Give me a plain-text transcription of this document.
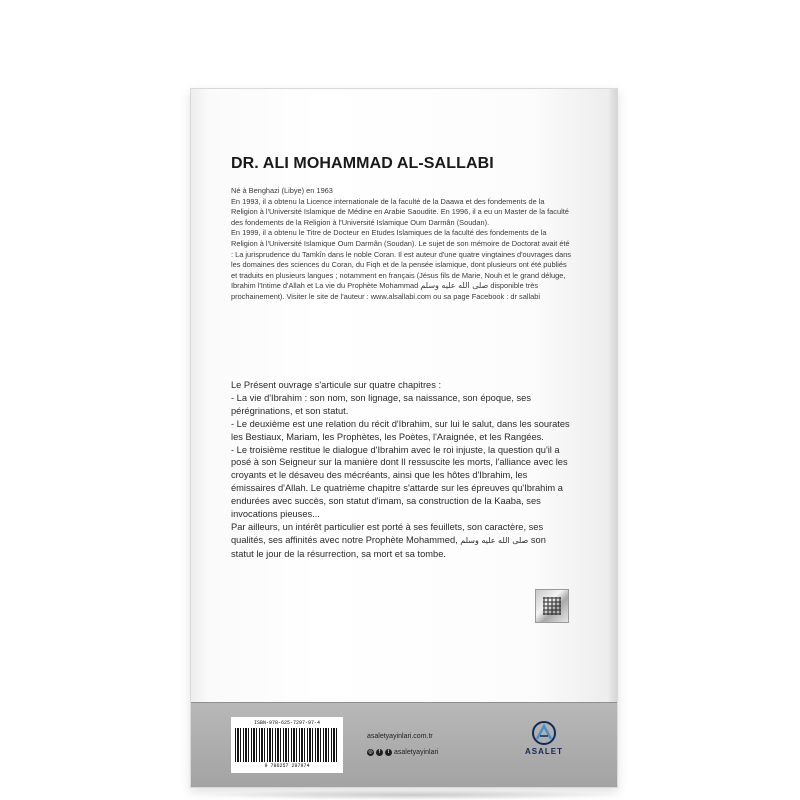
DR. ALI MOHAMMAD AL-SALLABI

Né à Benghazi (Libye) en 1963

En 1993, il a obtenu la Licence internationale de la faculté de la Daawa et des fondements de la Religion à l'Université Islamique de Médine en Arabie Saoudite. En 1996, il a eu un Master de la faculté des fondements de la Religion à l'Université Islamique Oum Darmân (Soudan).

En 1999, il a obtenu le Titre de Docteur en Etudes Islamiques de la faculté des fondements de la Religion à l'Université Islamique Oum Darmân (Soudan). Le sujet de son mémoire de Doctorat avait été : La jurisprudence du Tamkîn dans le noble Coran. Il est auteur d'une quatre vingtaines d'ouvrages dans les domaines des sciences du Coran, du Fiqh et de la pensée islamique, dont plusieurs ont été publiés et traduits en plusieurs langues ; notamment en français (Jésus fils de Marie, Nouh et le grand déluge, Ibrahim l'Intime d'Allah et La vie du Prophète Mohammad صلى الله عليه وسلم disponible très prochainement). Visiter le site de l'auteur : www.alsallabi.com ou sa page Facebook : dr sallabi

Le Présent ouvrage s'articule sur quatre chapitres :

- La vie d'Ibrahim : son nom, son lignage, sa naissance, son époque, ses pérégrinations, et son statut.

- Le deuxième est une relation du récit d'Ibrahim, sur lui le salut, dans les sourates les Bestiaux, Mariam, les Prophètes, les Poètes, l'Araignée, et les Rangées.

- Le troisième restitue le dialogue d'Ibrahim avec le roi injuste, la question qu'il a posé à son Seigneur sur la manière dont Il ressuscite les morts, l'alliance avec les croyants et le désaveu des mécréants, ainsi que les hôtes d'Ibrahim, les émissaires d'Allah. Le quatrième chapitre s'attarde sur les épreuves qu'Ibrahim a endurées avec succès, son statut d'imam, sa construction de la Kaaba, ses invocations pieuses...

Par ailleurs, un intérêt particulier est porté à ses feuillets, son caractère, ses qualités, ses affinités avec notre Prophète Mohammed, صلى الله عليه وسلم son statut le jour de la résurrection, sa mort et sa tombe.

ISBN-978-625-7297-97-4
9 786257 297974
asaletyayinlari.com.tr
◎	f	t asaletyayinlari	ASALET
